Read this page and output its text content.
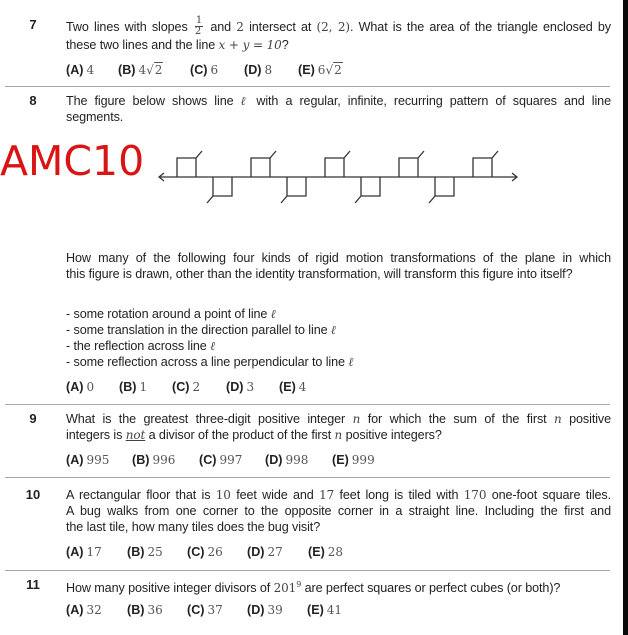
7	Two lines with slopes $\frac{1}{2}$ and 2 intersect at (2, 2). What is the area of the triangle enclosed by
these two lines and the line x + y = 10?
(A) 4 (B) 4√2 (C) 6 (D) 8 (E) 6√2
8	The figure below shows line ℓ with a regular, infinite, recurring pattern of squares and line
segments.
AMC10
How many of the following four kinds of rigid motion transformations of the plane in which
this figure is drawn, other than the identity transformation, will transform this figure into itself?
- some rotation around a point of line ℓ
- some translation in the direction parallel to line ℓ
- the reflection across line ℓ
- some reflection across a line perpendicular to line ℓ
(A) 0 (B) 1 (C) 2 (D) 3 (E) 4
9	What is the greatest three-digit positive integer n for which the sum of the first n positive
integers is not a divisor of the product of the first n positive integers?
(A) 995 (B) 996 (C) 997 (D) 998 (E) 999
10	A rectangular floor that is 10 feet wide and 17 feet long is tiled with 170 one-foot square tiles.
A bug walks from one corner to the opposite corner in a straight line. Including the first and
the last tile, how many tiles does the bug visit?
(A) 17 (B) 25 (C) 26 (D) 27 (E) 28
11	How many positive integer divisors of $201^9$ are perfect squares or perfect cubes (or both)?
(A) 32 (B) 36 (C) 37 (D) 39 (E) 41
